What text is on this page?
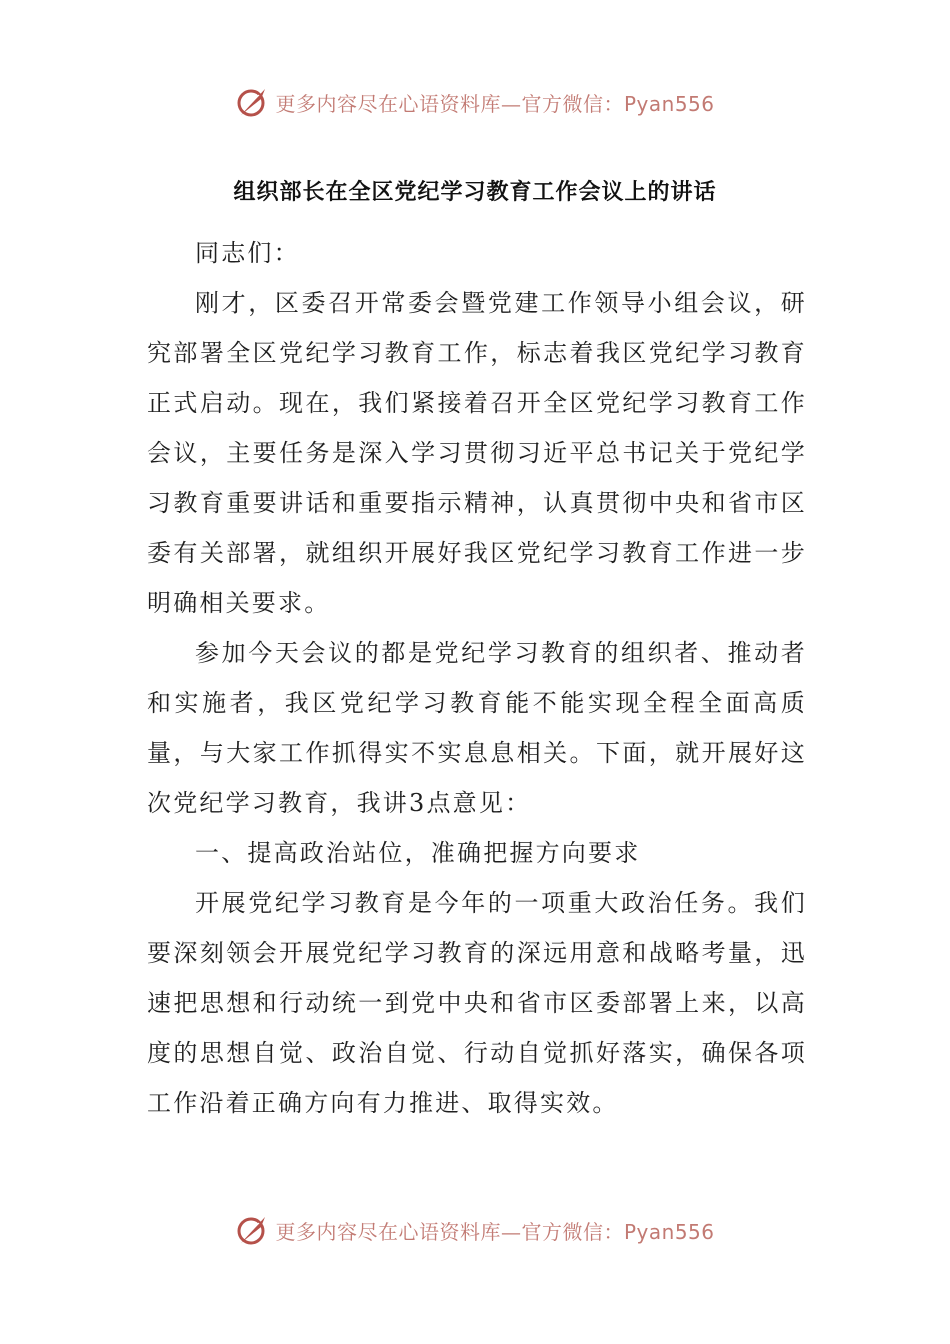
更多内容尽在心语资料库—官方微信：Pyan556
组织部长在全区党纪学习教育工作会议上的讲话

同志们：

刚才，区委召开常委会暨党建工作领导小组会议，研究部署全区党纪学习教育工作，标志着我区党纪学习教育正式启动。现在，我们紧接着召开全区党纪学习教育工作会议，主要任务是深入学习贯彻习近平总书记关于党纪学习教育重要讲话和重要指示精神，认真贯彻中央和省市区委有关部署，就组织开展好我区党纪学习教育工作进一步明确相关要求。

参加今天会议的都是党纪学习教育的组织者、推动者和实施者，我区党纪学习教育能不能实现全程全面高质量，与大家工作抓得实不实息息相关。下面，就开展好这次党纪学习教育，我讲3点意见：

一、提高政治站位，准确把握方向要求

开展党纪学习教育是今年的一项重大政治任务。我们要深刻领会开展党纪学习教育的深远用意和战略考量，迅速把思想和行动统一到党中央和省市区委部署上来，以高度的思想自觉、政治自觉、行动自觉抓好落实，确保各项工作沿着正确方向有力推进、取得实效。

更多内容尽在心语资料库—官方微信：Pyan556
